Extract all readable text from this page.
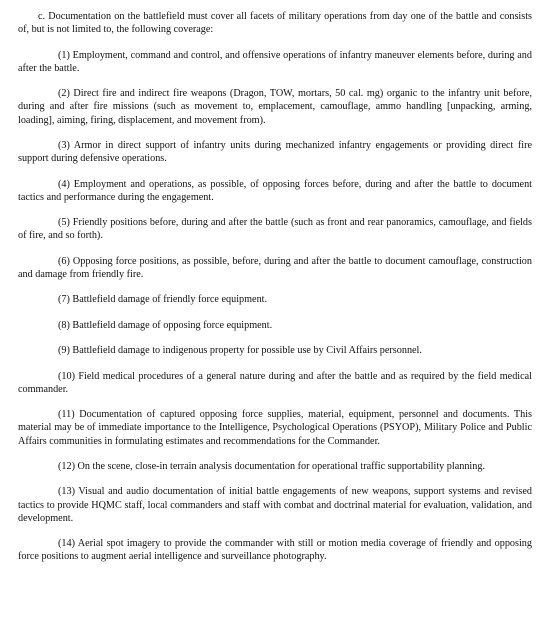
c. Documentation on the battlefield must cover all facets of military operations from day one of the battle and consists of, but is not limited to, the following coverage:

(1) Employment, command and control, and offensive operations of infantry maneuver elements before, during and after the battle.

(2) Direct fire and indirect fire weapons (Dragon, TOW, mortars, 50 cal. mg) organic to the infantry unit before, during and after fire missions (such as movement to, emplacement, camouflage, ammo handling [unpacking, arming, loading], aiming, firing, displacement, and movement from).

(3) Armor in direct support of infantry units during mechanized infantry engagements or providing direct fire support during defensive operations.

(4) Employment and operations, as possible, of opposing forces before, during and after the battle to document tactics and performance during the engagement.

(5) Friendly positions before, during and after the battle (such as front and rear panoramics, camouflage, and fields of fire, and so forth).

(6) Opposing force positions, as possible, before, during and after the battle to document camouflage, construction and damage from friendly fire.

(7) Battlefield damage of friendly force equipment.

(8) Battlefield damage of opposing force equipment.

(9) Battlefield damage to indigenous property for possible use by Civil Affairs personnel.

(10) Field medical procedures of a general nature during and after the battle and as required by the field medical commander.

(11) Documentation of captured opposing force supplies, material, equipment, personnel and documents. This material may be of immediate importance to the Intelligence, Psychological Operations (PSYOP), Military Police and Public Affairs communities in formulating estimates and recommendations for the Commander.

(12) On the scene, close-in terrain analysis documentation for operational traffic supportability planning.

(13) Visual and audio documentation of initial battle engagements of new weapons, support systems and revised tactics to provide HQMC staff, local commanders and staff with combat and doctrinal material for evaluation, validation, and development.

(14) Aerial spot imagery to provide the commander with still or motion media coverage of friendly and opposing force positions to augment aerial intelligence and surveillance photography.
